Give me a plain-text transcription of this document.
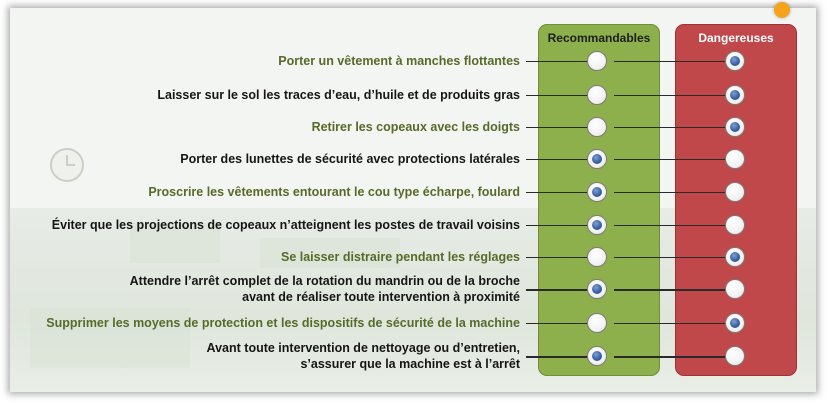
Recommandables	Dangereuses
Porter un vêtement à manches flottantes
Laisser sur le sol les traces d’eau, d’huile et de produits gras
Retirer les copeaux avec les doigts
Porter des lunettes de sécurité avec protections latérales
Proscrire les vêtements entourant le cou type écharpe, foulard
Éviter que les projections de copeaux n’atteignent les postes de travail voisins
Se laisser distraire pendant les réglages
Attendre l’arrêt complet de la rotation du mandrin ou de la broche
avant de réaliser toute intervention à proximité
Supprimer les moyens de protection et les dispositifs de sécurité de la machine
Avant toute intervention de nettoyage ou d’entretien,
s’assurer que la machine est à l’arrêt
